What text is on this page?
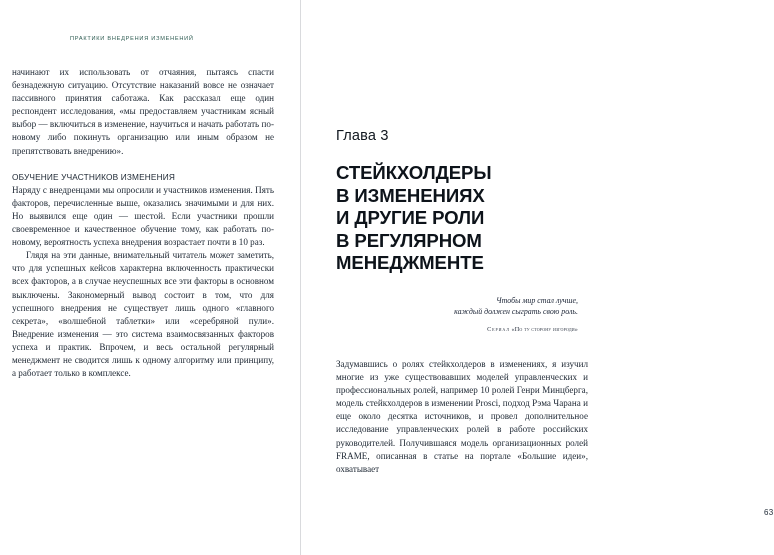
ПРАКТИКИ ВНЕДРЕНИЯ ИЗМЕНЕНИЙ

начинают их использовать от отчаяния, пытаясь спасти безнадежную ситуацию. Отсутствие наказаний вовсе не означает пассивного принятия саботажа. Как рассказал еще один респондент исследования, «мы предоставляем участникам ясный выбор — включиться в изменение, научиться и начать работать по-новому либо покинуть организацию или иным образом не препятствовать внедрению».

ОБУЧЕНИЕ УЧАСТНИКОВ ИЗМЕНЕНИЯ

Наряду с внедренцами мы опросили и участников изменения. Пять факторов, перечисленные выше, оказались значимыми и для них. Но выявился еще один — шестой. Если участники прошли своевременное и качественное обучение тому, как работать по-новому, вероятность успеха внедрения возрастает почти в 10 раз.

Глядя на эти данные, внимательный читатель может заметить, что для успешных кейсов характерна включенность практически всех факторов, а в случае неуспешных все эти факторы в основном выключены. Закономерный вывод состоит в том, что для успешного внедрения не существует лишь одного «главного секрета», «волшебной таблетки» или «серебряной пули». Внедрение изменения — это система взаимосвязанных факторов успеха и практик. Впрочем, и весь остальной регулярный менеджмент не сводится лишь к одному алгоритму или принципу, а работает только в комплексе.

Глава 3
СТЕЙКХОЛДЕРЫ
В ИЗМЕНЕНИЯХ
И ДРУГИЕ РОЛИ
В РЕГУЛЯРНОМ
МЕНЕДЖМЕНТЕ
Чтобы мир стал лучше,
каждый должен сыграть свою роль.
Сериал «По ту сторону изгороди»

Задумавшись о ролях стейкхолдеров в изменениях, я изучил многие из уже существовавших моделей управленческих и профессиональных ролей, например 10 ролей Генри Минцберга, модель стейкхолдеров в изменении Prosci, подход Рэма Чарана и еще около десятка источников, и провел дополнительное исследование управленческих ролей в работе российских руководителей. Получившаяся модель организационных ролей FRAME, описанная в статье на портале «Большие идеи», охватывает

63
